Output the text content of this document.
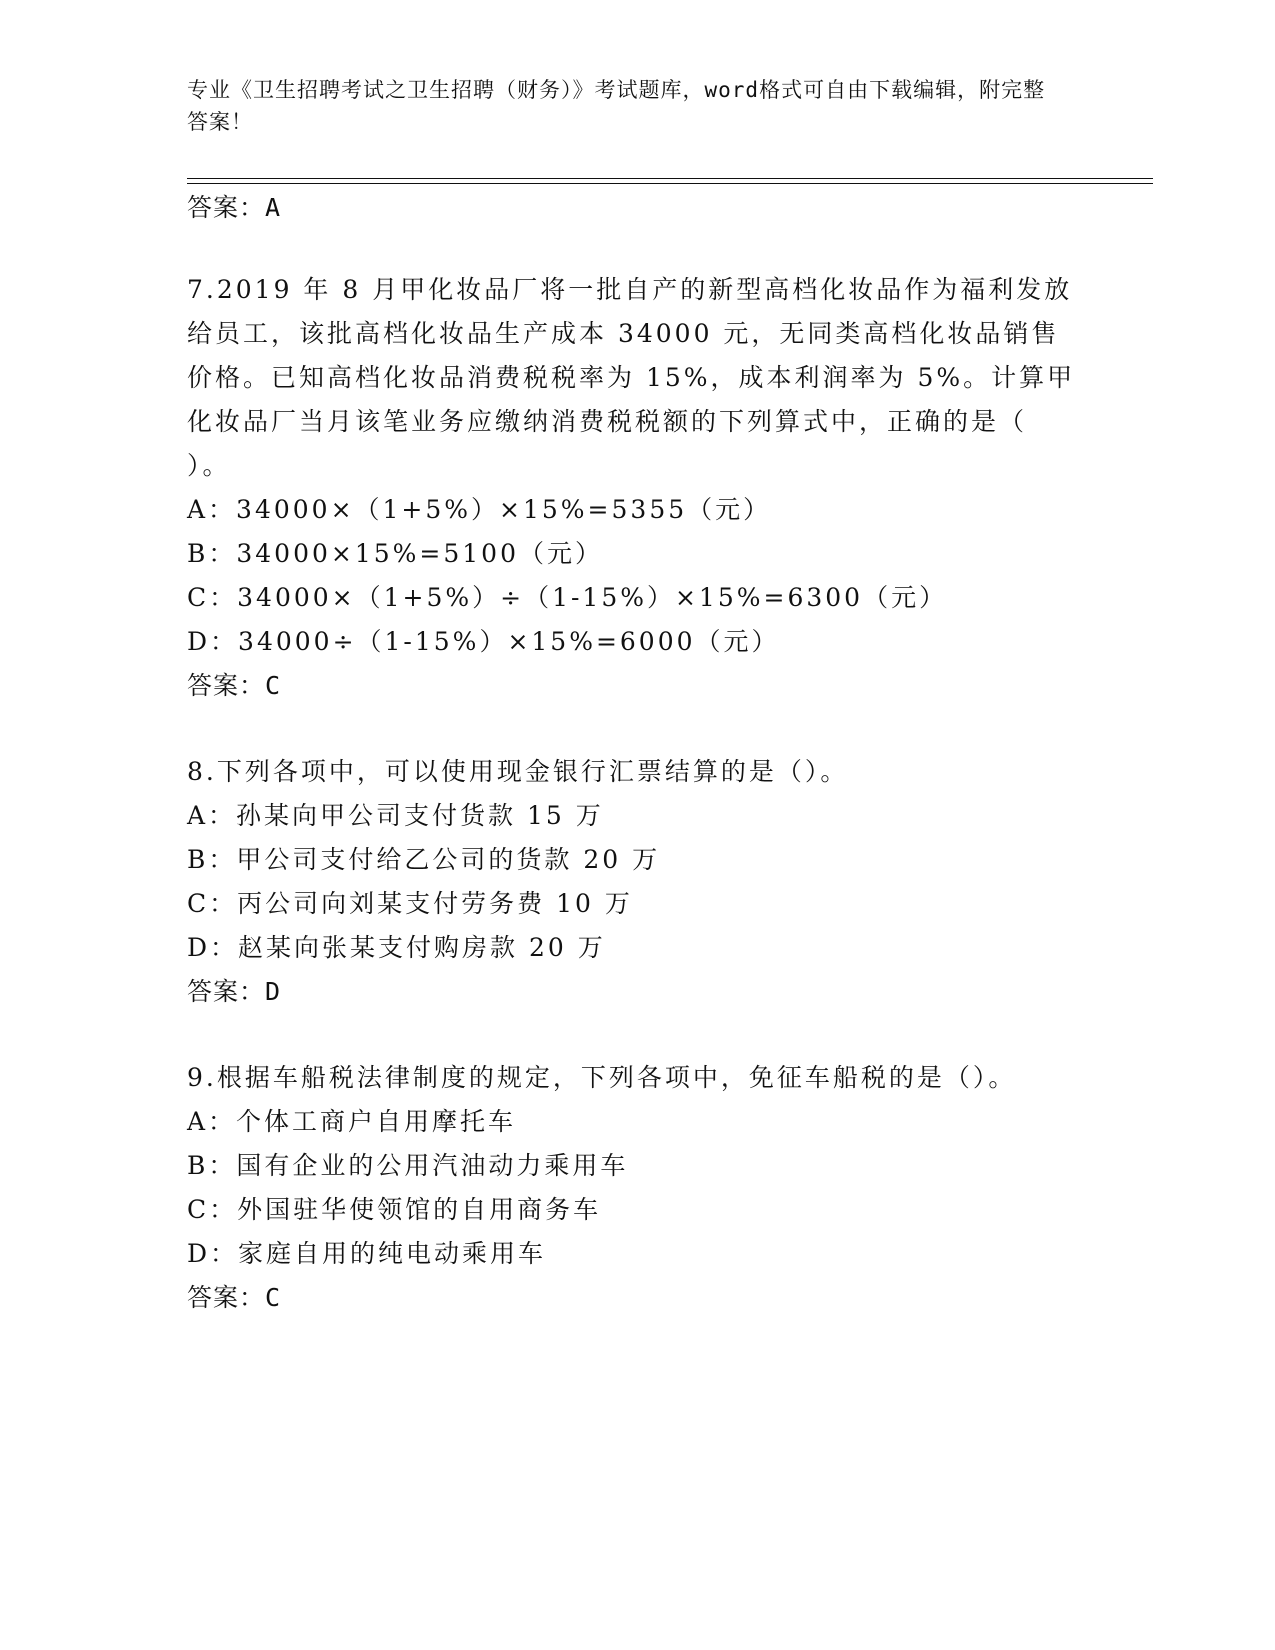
专业《卫生招聘考试之卫生招聘（财务）》考试题库，word格式可自由下载编辑，附完整答案！
答案：A
7.2019 年 8 月甲化妆品厂将一批自产的新型高档化妆品作为福利发放
给员工，该批高档化妆品生产成本 34000 元，无同类高档化妆品销售
价格。已知高档化妆品消费税税率为 15%，成本利润率为 5%。计算甲
化妆品厂当月该笔业务应缴纳消费税税额的下列算式中，正确的是（
）。
A：34000×（1+5%）×15%=5355（元）
B：34000×15%=5100（元）
C：34000×（1+5%）÷（1-15%）×15%=6300（元）
D：34000÷（1-15%）×15%=6000（元）
答案：C
8.下列各项中，可以使用现金银行汇票结算的是（）。
A：孙某向甲公司支付货款 15 万
B：甲公司支付给乙公司的货款 20 万
C：丙公司向刘某支付劳务费 10 万
D：赵某向张某支付购房款 20 万
答案：D
9.根据车船税法律制度的规定，下列各项中，免征车船税的是（）。
A：个体工商户自用摩托车
B：国有企业的公用汽油动力乘用车
C：外国驻华使领馆的自用商务车
D：家庭自用的纯电动乘用车
答案：C
